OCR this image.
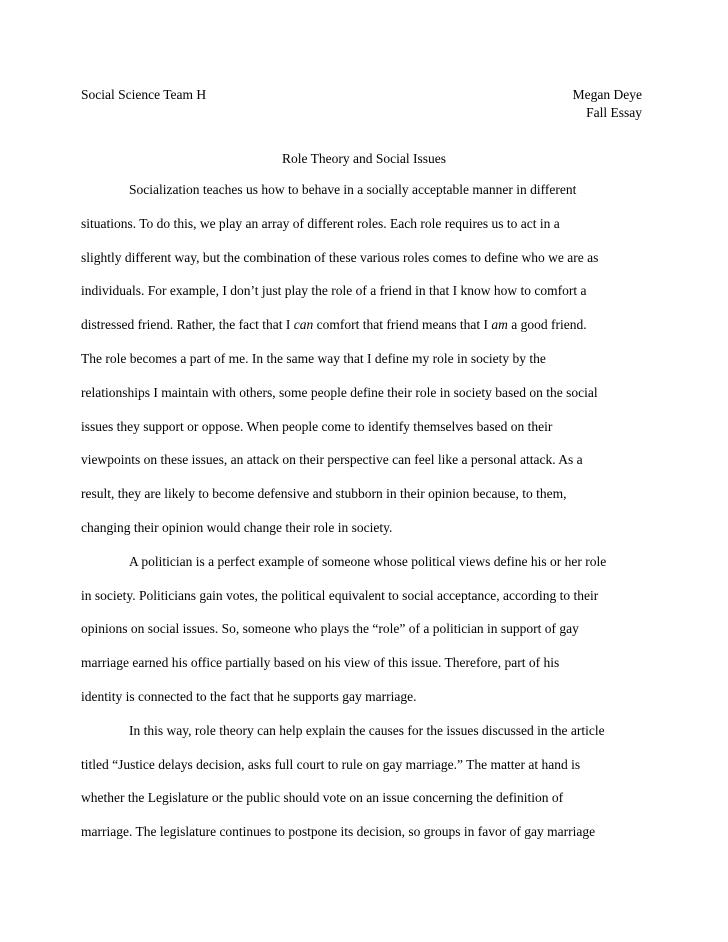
Social Science Team H	Megan Deye
Fall Essay
Role Theory and Social Issues
Socialization teaches us how to behave in a socially acceptable manner in different
situations. To do this, we play an array of different roles. Each role requires us to act in a
slightly different way, but the combination of these various roles comes to define who we are as
individuals. For example, I don’t just play the role of a friend in that I know how to comfort a
distressed friend. Rather, the fact that I can comfort that friend means that I am a good friend.
The role becomes a part of me. In the same way that I define my role in society by the
relationships I maintain with others, some people define their role in society based on the social
issues they support or oppose. When people come to identify themselves based on their
viewpoints on these issues, an attack on their perspective can feel like a personal attack. As a
result, they are likely to become defensive and stubborn in their opinion because, to them,
changing their opinion would change their role in society.
A politician is a perfect example of someone whose political views define his or her role
in society. Politicians gain votes, the political equivalent to social acceptance, according to their
opinions on social issues. So, someone who plays the “role” of a politician in support of gay
marriage earned his office partially based on his view of this issue. Therefore, part of his
identity is connected to the fact that he supports gay marriage.
In this way, role theory can help explain the causes for the issues discussed in the article
titled “Justice delays decision, asks full court to rule on gay marriage.” The matter at hand is
whether the Legislature or the public should vote on an issue concerning the definition of
marriage. The legislature continues to postpone its decision, so groups in favor of gay marriage
